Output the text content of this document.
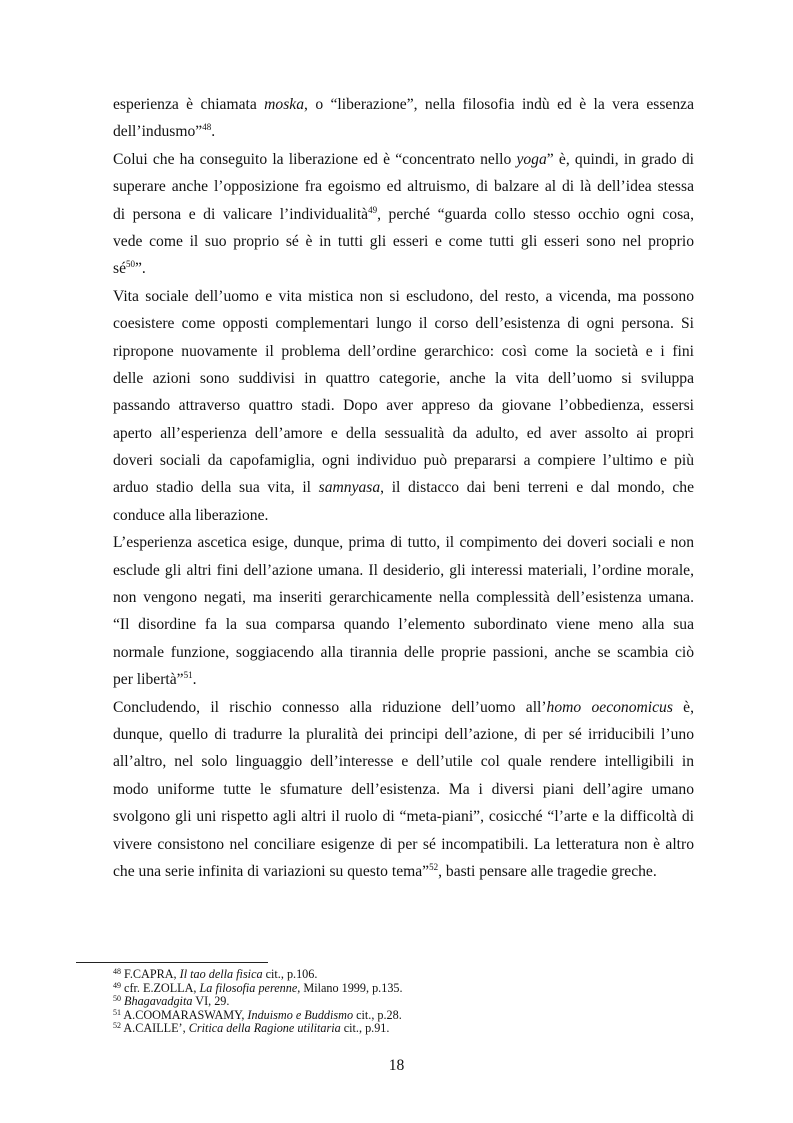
esperienza è chiamata moska, o “liberazione”, nella filosofia indù ed è la vera essenza
dell’indusmo”$^{48}$.
Colui che ha conseguito la liberazione ed è “concentrato nello yoga” è, quindi, in grado di
superare anche l’opposizione fra egoismo ed altruismo, di balzare al di là dell’idea stessa
di persona e di valicare l’individualità$^{49}$, perché “guarda collo stesso occhio ogni cosa,
vede come il suo proprio sé è in tutti gli esseri e come tutti gli esseri sono nel proprio
$sé^{50}$”.
Vita sociale dell’uomo e vita mistica non si escludono, del resto, a vicenda, ma possono
coesistere come opposti complementari lungo il corso dell’esistenza di ogni persona. Si
ripropone nuovamente il problema dell’ordine gerarchico: così come la società e i fini
delle azioni sono suddivisi in quattro categorie, anche la vita dell’uomo si sviluppa
passando attraverso quattro stadi. Dopo aver appreso da giovane l’obbedienza, essersi
aperto all’esperienza dell’amore e della sessualità da adulto, ed aver assolto ai propri
doveri sociali da capofamiglia, ogni individuo può prepararsi a compiere l’ultimo e più
arduo stadio della sua vita, il samnyasa, il distacco dai beni terreni e dal mondo, che
conduce alla liberazione.
L’esperienza ascetica esige, dunque, prima di tutto, il compimento dei doveri sociali e non
esclude gli altri fini dell’azione umana. Il desiderio, gli interessi materiali, l’ordine morale,
non vengono negati, ma inseriti gerarchicamente nella complessità dell’esistenza umana.
“Il disordine fa la sua comparsa quando l’elemento subordinato viene meno alla sua
normale funzione, soggiacendo alla tirannia delle proprie passioni, anche se scambia ciò
per libertà”$^{51}$.
Concludendo, il rischio connesso alla riduzione dell’uomo all’homo oeconomicus è,
dunque, quello di tradurre la pluralità dei principi dell’azione, di per sé irriducibili l’uno
all’altro, nel solo linguaggio dell’interesse e dell’utile col quale rendere intelligibili in
modo uniforme tutte le sfumature dell’esistenza. Ma i diversi piani dell’agire umano
svolgono gli uni rispetto agli altri il ruolo di “meta-piani”, cosicché “l’arte e la difficoltà di
vivere consistono nel conciliare esigenze di per sé incompatibili. La letteratura non è altro
che una serie infinita di variazioni su questo tema”$^{52}$, basti pensare alle tragedie greche.
$^{48}$ F.CAPRA, Il tao della fisica cit., p.106.
$^{49}$ cfr. E.ZOLLA, La filosofia perenne, Milano 1999, p.135.
$^{50}$ Bhagavadgita VI, 29.
$^{51}$ A.COOMARASWAMY, Induismo e Buddismo cit., p.28.
$^{52}$ A.CAILLE’, Critica della Ragione utilitaria cit., p.91.
18
